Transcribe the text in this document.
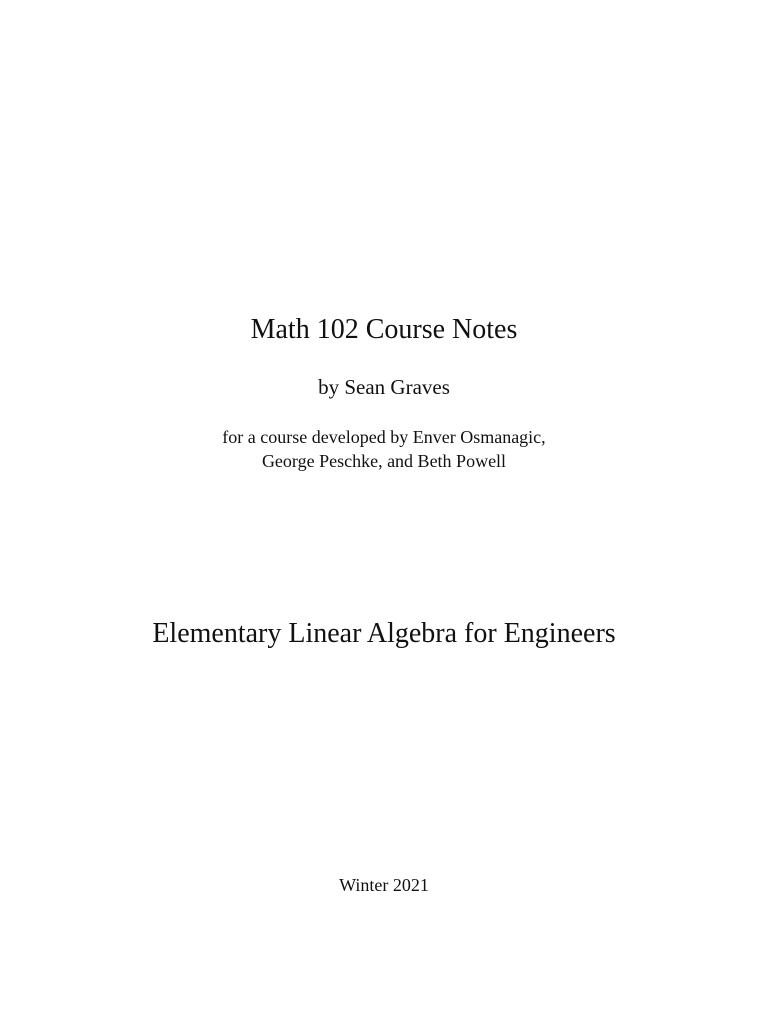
Math 102 Course Notes
by Sean Graves
for a course developed by Enver Osmanagic,
George Peschke, and Beth Powell
Elementary Linear Algebra for Engineers
Winter 2021
